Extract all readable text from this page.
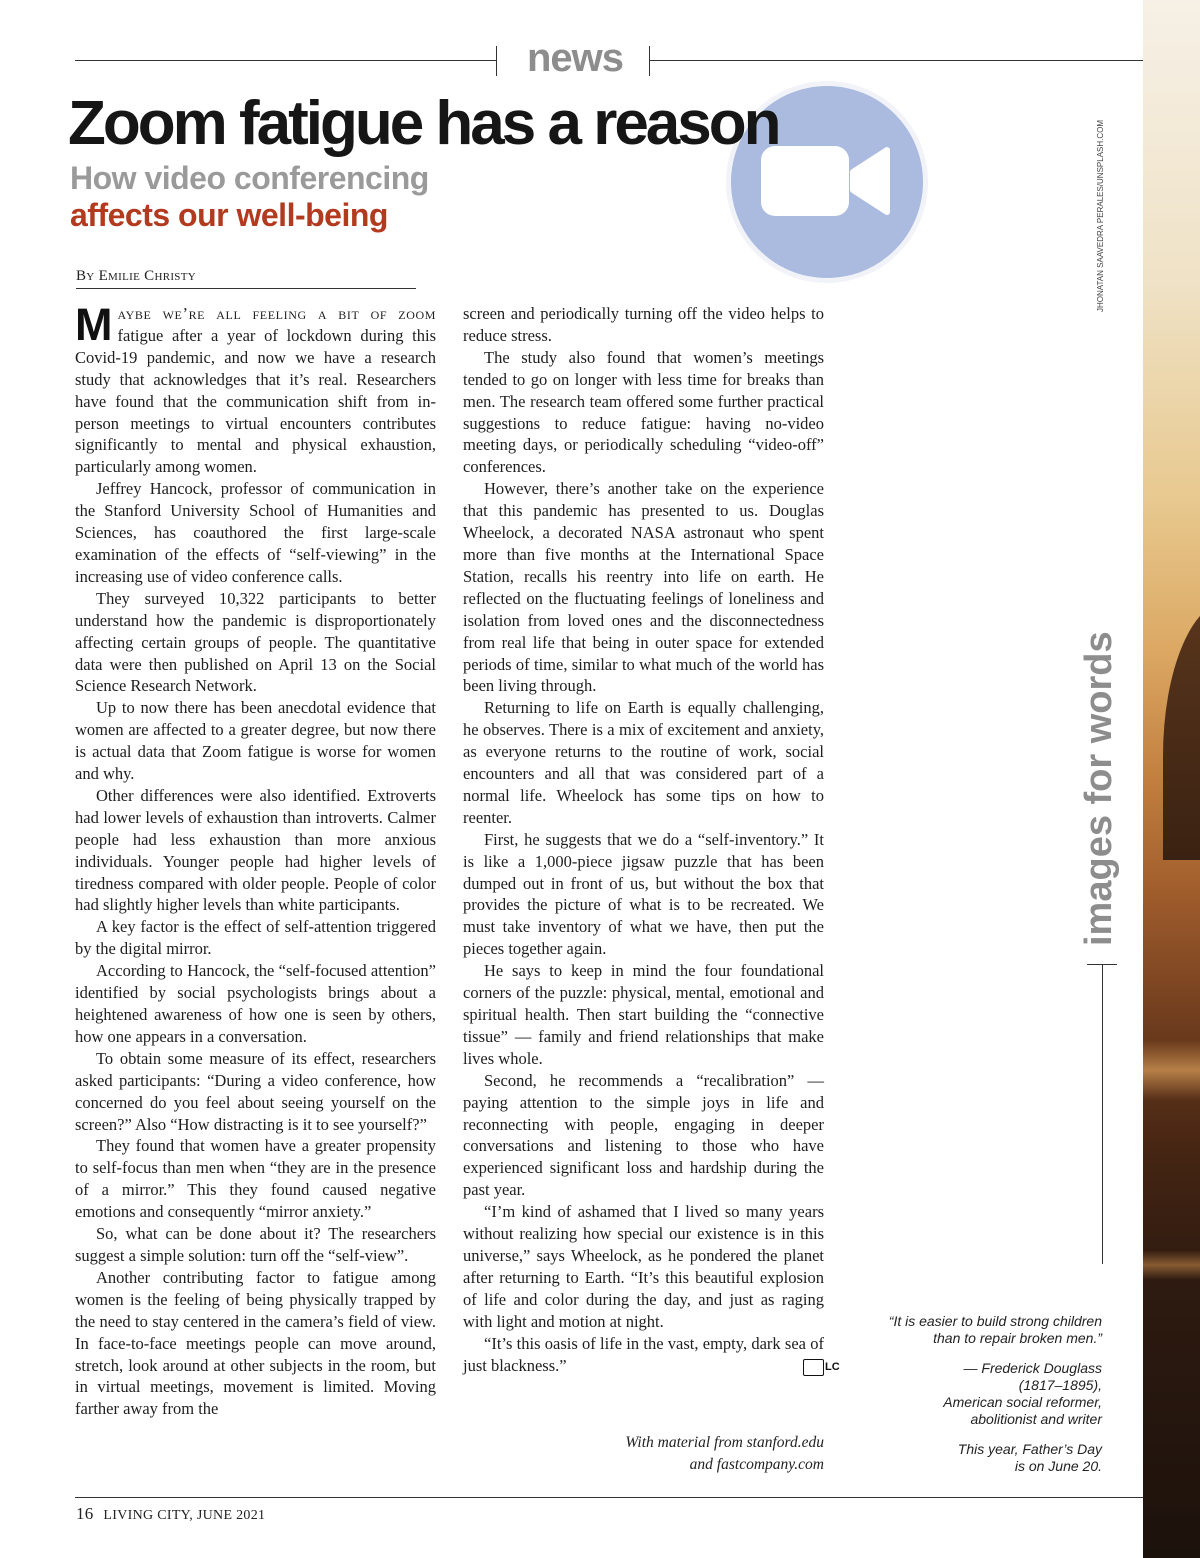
news
Zoom fatigue has a reason
How video conferencing
affects our well-being	JHONATAN SAAVEDRA PERALES/UNSPLASH.COM
By Emilie Christy

Maybe we’re all feeling a bit of zoom fatigue after a year of lockdown during this Covid-19 pandemic, and now we have a research study that acknowledges that it’s real. Researchers have found that the communication shift from in-person meetings to virtual encounters contributes significantly to mental and physical exhaustion, particularly among women.

Jeffrey Hancock, professor of communication in the Stanford University School of Humanities and Sciences, has coauthored the first large-scale examination of the effects of “self-viewing” in the increasing use of video conference calls.

They surveyed 10,322 participants to better understand how the pandemic is disproportionately affecting certain groups of people. The quantitative data were then published on April 13 on the Social Science Research Network.

Up to now there has been anecdotal evidence that women are affected to a greater degree, but now there is actual data that Zoom fatigue is worse for women and why.

Other differences were also identified. Extroverts had lower levels of exhaustion than introverts. Calmer people had less exhaustion than more anxious individuals. Younger people had higher levels of tiredness compared with older people. People of color had slightly higher levels than white participants.

A key factor is the effect of self-attention triggered by the digital mirror.

According to Hancock, the “self-focused attention” identified by social psychologists brings about a heightened awareness of how one is seen by others, how one appears in a conversation.

To obtain some measure of its effect, researchers asked participants: “During a video conference, how concerned do you feel about seeing yourself on the screen?” Also “How distracting is it to see yourself?”

They found that women have a greater propensity to self-focus than men when “they are in the presence of a mirror.” This they found caused negative emotions and consequently “mirror anxiety.”

So, what can be done about it? The researchers suggest a simple solution: turn off the “self-view”.

Another contributing factor to fatigue among women is the feeling of being physically trapped by the need to stay centered in the camera’s field of view. In face-to-face meetings people can move around, stretch, look around at other subjects in the room, but in virtual meetings, movement is limited. Moving farther away from the

screen and periodically turning off the video helps to reduce stress.

The study also found that women’s meetings tended to go on longer with less time for breaks than men. The research team offered some further practical suggestions to reduce fatigue: having no-video meeting days, or periodically scheduling “video-off” conferences.

However, there’s another take on the experience that this pandemic has presented to us. Douglas Wheelock, a decorated NASA astronaut who spent more than five months at the International Space Station, recalls his reentry into life on earth. He reflected on the fluctuating feelings of loneliness and isolation from loved ones and the disconnectedness from real life that being in outer space for extended periods of time, similar to what much of the world has been living through.

Returning to life on Earth is equally challenging, he observes. There is a mix of excitement and anxiety, as everyone returns to the routine of work, social encounters and all that was considered part of a normal life. Wheelock has some tips on how to reenter.

First, he suggests that we do a “self-inventory.” It is like a 1,000-piece jigsaw puzzle that has been dumped out in front of us, but without the box that provides the picture of what is to be recreated. We must take inventory of what we have, then put the pieces together again.

He says to keep in mind the four foundational corners of the puzzle: physical, mental, emotional and spiritual health. Then start building the “connective tissue” — family and friend relationships that make lives whole.

Second, he recommends a “recalibration” — paying attention to the simple joys in life and reconnecting with people, engaging in deeper conversations and listening to those who have experienced significant loss and hardship during the past year.

“I’m kind of ashamed that I lived so many years without realizing how special our existence is in this universe,” says Wheelock, as he pondered the planet after returning to Earth. “It’s this beautiful explosion of life and color during the day, and just as raging with light and motion at night.

“It’s this oasis of life in the vast, empty, dark sea of just blackness.”	LC

With material from stanford.edu
and fastcompany.com
images for words

“It is easier to build strong children
than to repair broken men.”

— Frederick Douglass
(1817–1895),
American social reformer,
abolitionist and writer

This year, Father’s Day
is on June 20.

16 LIVING CITY, JUNE 2021
